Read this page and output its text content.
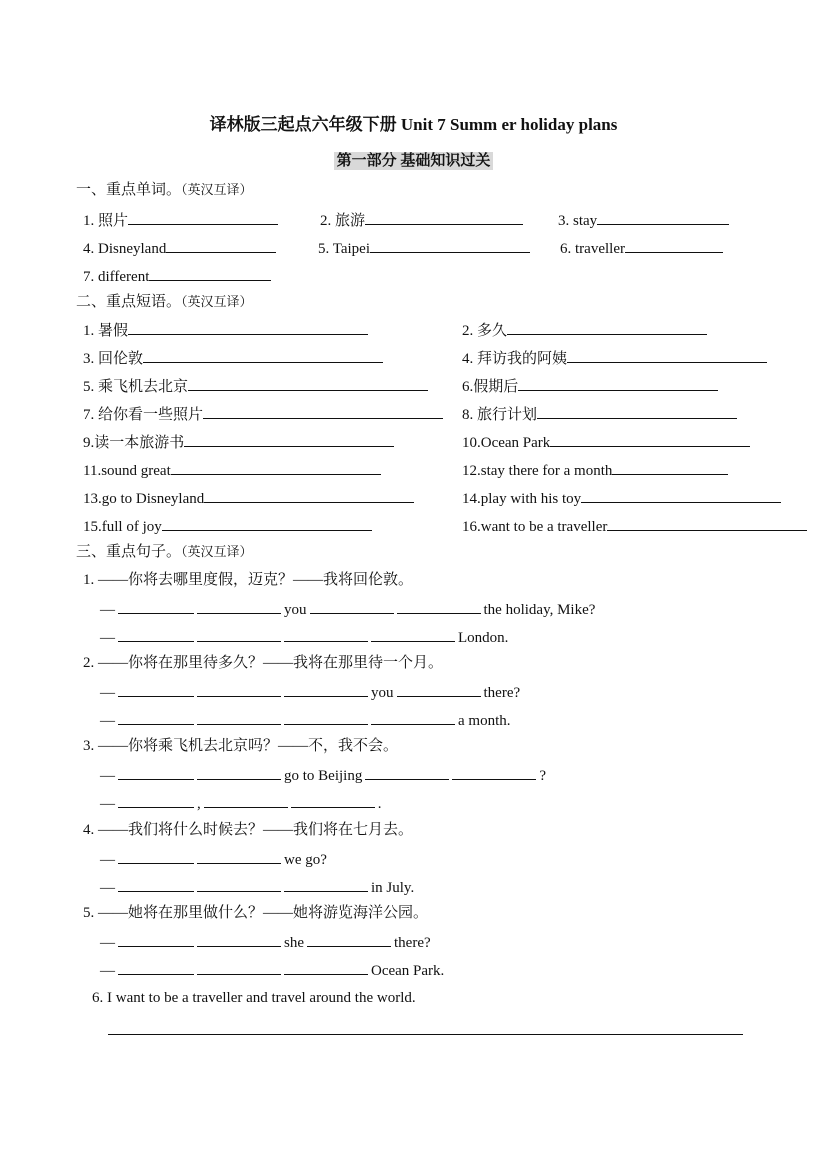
译林版三起点六年级下册 Unit 7 Summ er holiday plans
第一部分 基础知识过关
一、重点单词。（英汉互译）
二、重点短语。（英汉互译）
三、重点句子。（英汉互译）
6. I want to be a traveller and travel around the world.
1. 照片	2. 旅游	3. stay
4. Disneyland	5. Taipei	6. traveller
7. different
1. 暑假	2. 多久
3. 回伦敦	4. 拜访我的阿姨
5. 乘飞机去北京	6.假期后
7. 给你看一些照片	8. 旅行计划
9.读一本旅游书	10.Ocean Park
11.sound great	12.stay there for a month
13.go to Disneyland	14.play with his toy
15.full of joy	16.want to be a traveller
1. ——你将去哪里度假，迈克？——我将回伦敦。
—	you	the holiday, Mike?
—	London.
2. ——你将在那里待多久？——我将在那里待一个月。
—	you	there?
—	a month.
3. ——你将乘飞机去北京吗？——不，我不会。
—	go to Beijing	?
—	,	.
4. ——我们将什么时候去？——我们将在七月去。
—	we go?
—	in July.
5. ——她将在那里做什么？——她将游览海洋公园。
—	she	there?
—	Ocean Park.
